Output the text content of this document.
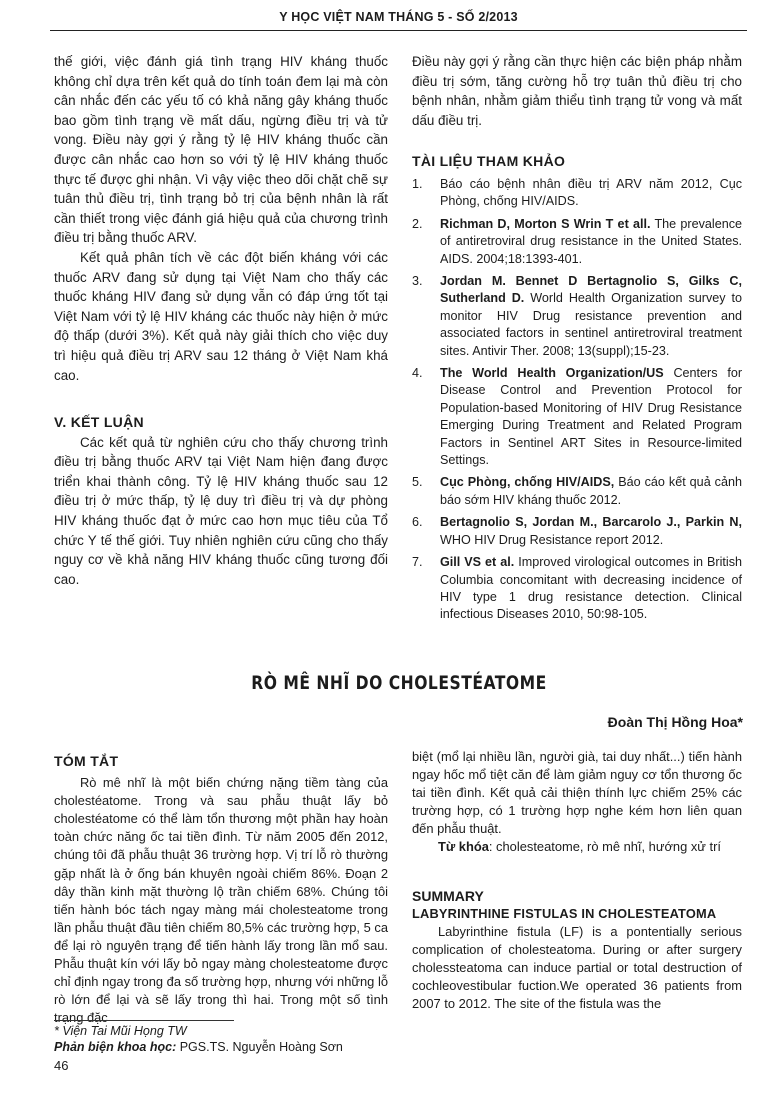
Y HỌC VIỆT NAM THÁNG 5 - SỐ 2/2013

thế giới, việc đánh giá tình trạng HIV kháng thuốc không chỉ dựa trên kết quả do tính toán đem lại mà còn cân nhắc đến các yếu tố có khả năng gây kháng thuốc bao gồm tình trạng về mất dấu, ngừng điều trị và tử vong. Điều này gợi ý rằng tỷ lệ HIV kháng thuốc cần được cân nhắc cao hơn so với tỷ lệ HIV kháng thuốc thực tế được ghi nhận. Vì vậy việc theo dõi chặt chẽ sự tuân thủ điều trị, tình trạng bỏ trị của bệnh nhân là rất cần thiết trong việc đánh giá hiệu quả của chương trình điều trị bằng thuốc ARV.

Kết quả phân tích về các đột biến kháng với các thuốc ARV đang sử dụng tại Việt Nam cho thấy các thuốc kháng HIV đang sử dụng vẫn có đáp ứng tốt tại Việt Nam với tỷ lệ HIV kháng các thuốc này hiện ở mức độ thấp (dưới 3%). Kết quả này giải thích cho việc duy trì hiệu quả điều trị ARV sau 12 tháng ở Việt Nam khá cao.

V. KẾT LUẬN

Các kết quả từ nghiên cứu cho thấy chương trình điều trị bằng thuốc ARV tại Việt Nam hiện đang được triển khai thành công. Tỷ lệ HIV kháng thuốc sau 12 điều trị ở mức thấp, tỷ lệ duy trì điều trị và dự phòng HIV kháng thuốc đạt ở mức cao hơn mục tiêu của Tổ chức Y tế thế giới. Tuy nhiên nghiên cứu cũng cho thấy nguy cơ về khả năng HIV kháng thuốc cũng tương đối cao.

Điều này gợi ý rằng cần thực hiện các biện pháp nhằm điều trị sớm, tăng cường hỗ trợ tuân thủ điều trị cho bệnh nhân, nhằm giảm thiểu tình trạng tử vong và mất dấu điều trị.

TÀI LIỆU THAM KHẢO

1. Báo cáo bệnh nhân điều trị ARV năm 2012, Cục Phòng, chống HIV/AIDS.
2. Richman D, Morton S Wrin T et all. The prevalence of antiretroviral drug resistance in the United States. AIDS. 2004;18:1393-401.
3. Jordan M. Bennet D Bertagnolio S, Gilks C, Sutherland D. World Health Organization survey to monitor HIV Drug resistance prevention and associated factors in sentinel antiretroviral treatment sites. Antivir Ther. 2008; 13(suppl);15-23.
4. The World Health Organization/US Centers for Disease Control and Prevention Protocol for Population-based Monitoring of HIV Drug Resistance Emerging During Treatment and Related Program Factors in Sentinel ART Sites in Resource-limited Settings.
5. Cục Phòng, chống HIV/AIDS, Báo cáo kết quả cảnh báo sớm HIV kháng thuốc 2012.
6. Bertagnolio S, Jordan M., Barcarolo J., Parkin N, WHO HIV Drug Resistance report 2012.
7. Gill VS et al. Improved virological outcomes in British Columbia concomitant with decreasing incidence of HIV type 1 drug resistance detection. Clinical infectious Diseases 2010, 50:98-105.
RÒ MÊ NHĨ DO CHOLESTÉATOME
Đoàn Thị Hồng Hoa*

TÓM TẮT

Rò mê nhĩ là một biến chứng nặng tiềm tàng của cholestéatome. Trong và sau phẫu thuật lấy bỏ cholestéatome có thể làm tổn thương một phần hay hoàn toàn chức năng ốc tai tiền đình. Từ năm 2005 đến 2012, chúng tôi đã phẫu thuật 36 trường hợp. Vị trí lỗ rò thường gặp nhất là ở ống bán khuyên ngoài chiếm 86%. Đoạn 2 dây thần kinh mặt thường lộ trần chiếm 68%. Chúng tôi tiến hành bóc tách ngay màng mái cholesteatome trong lần phẫu thuật đầu tiên chiếm 80,5% các trường hợp, 5 ca để lại rò nguyên trạng để tiến hành lấy trong lần mổ sau. Phẫu thuật kín với lấy bỏ ngay màng cholesteatome được chỉ định ngay trong đa số trường hợp, nhưng với những lỗ rò lớn để lại và sẽ lấy trong thì hai. Trong một số tình trạng đặc

biệt (mổ lại nhiều lần, người già, tai duy nhất...) tiến hành ngay hốc mổ tiệt căn để làm giảm nguy cơ tổn thương ốc tai tiền đình. Kết quả cải thiện thính lực chiếm 25% các trường hợp, có 1 trường hợp nghe kém hơn liên quan đến phẫu thuật.

Từ khóa: cholesteatome, rò mê nhĩ, hướng xử trí

SUMMARY

LABYRINTHINE FISTULAS IN CHOLESTEATOMA

Labyrinthine fistula (LF) is a pontentially serious complication of cholesteatoma. During or after surgery cholessteatoma can induce partial or total destruction of cochleovestibular fuction.We operated 36 patients from 2007 to 2012. The site of the fistula was the

* Viện Tai Mũi Họng TW
Phản biện khoa học: PGS.TS. Nguyễn Hoàng Sơn
46
